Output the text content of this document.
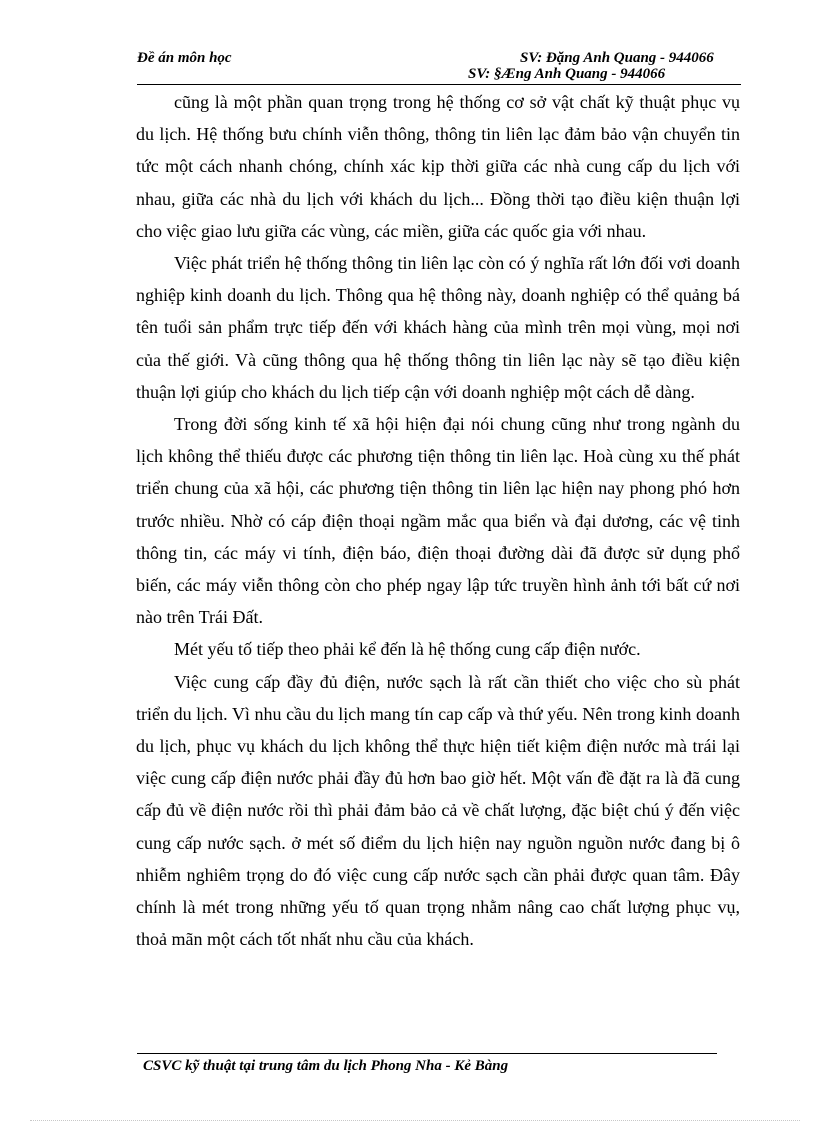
Đề án môn học	SV: Đặng Anh Quang - 944066
SV: §Æng Anh Quang - 944066

cũng là một phần quan trọng trong hệ thống cơ sở vật chất kỹ thuật phục vụ du lịch. Hệ thống bưu chính viễn thông, thông tin liên lạc đảm bảo vận chuyển tin tức một cách nhanh chóng, chính xác kịp thời giữa các nhà cung cấp du lịch với nhau, giữa các nhà du lịch với khách du lịch... Đồng thời tạo điều kiện thuận lợi cho việc giao lưu giữa các vùng, các miền, giữa các quốc gia với nhau.

Việc phát triển hệ thống thông tin liên lạc còn có ý nghĩa rất lớn đối vơi doanh nghiệp kinh doanh du lịch. Thông qua hệ thông này, doanh nghiệp có thể quảng bá tên tuổi sản phẩm trực tiếp đến với khách hàng của mình trên mọi vùng, mọi nơi của thế giới. Và cũng thông qua hệ thống thông tin liên lạc này sẽ tạo điều kiện thuận lợi giúp cho khách du lịch tiếp cận với doanh nghiệp một cách dễ dàng.

Trong đời sống kinh tế xã hội hiện đại nói chung cũng như trong ngành du lịch không thể thiếu được các phương tiện thông tin liên lạc. Hoà cùng xu thế phát triển chung của xã hội, các phương tiện thông tin liên lạc hiện nay phong phó hơn trước nhiều. Nhờ có cáp điện thoại ngầm mắc qua biển và đại dương, các vệ tinh thông tin, các máy vi tính, điện báo, điện thoại đường dài đã được sử dụng phổ biến, các máy viễn thông còn cho phép ngay lập tức truyền hình ảnh tới bất cứ nơi nào trên Trái Đất.

Mét yếu tố tiếp theo phải kể đến là hệ thống cung cấp điện nước.

Việc cung cấp đầy đủ điện, nước sạch là rất cần thiết cho việc cho sù phát triển du lịch. Vì nhu cầu du lịch mang tín cap cấp và thứ yếu. Nên trong kinh doanh du lịch, phục vụ khách du lịch không thể thực hiện tiết kiệm điện nước mà trái lại việc cung cấp điện nước phải đầy đủ hơn bao giờ hết. Một vấn đề đặt ra là đã cung cấp đủ về điện nước rồi thì phải đảm bảo cả về chất lượng, đặc biệt chú ý đến việc cung cấp nước sạch. ở mét số điểm du lịch hiện nay nguồn nguồn nước đang bị ô nhiễm nghiêm trọng do đó việc cung cấp nước sạch cần phải được quan tâm. Đây chính là mét trong những yếu tố quan trọng nhằm nâng cao chất lượng phục vụ, thoả mãn một cách tốt nhất nhu cầu của khách.

CSVC kỹ thuật tại trung tâm du lịch Phong Nha - Kẻ Bàng
